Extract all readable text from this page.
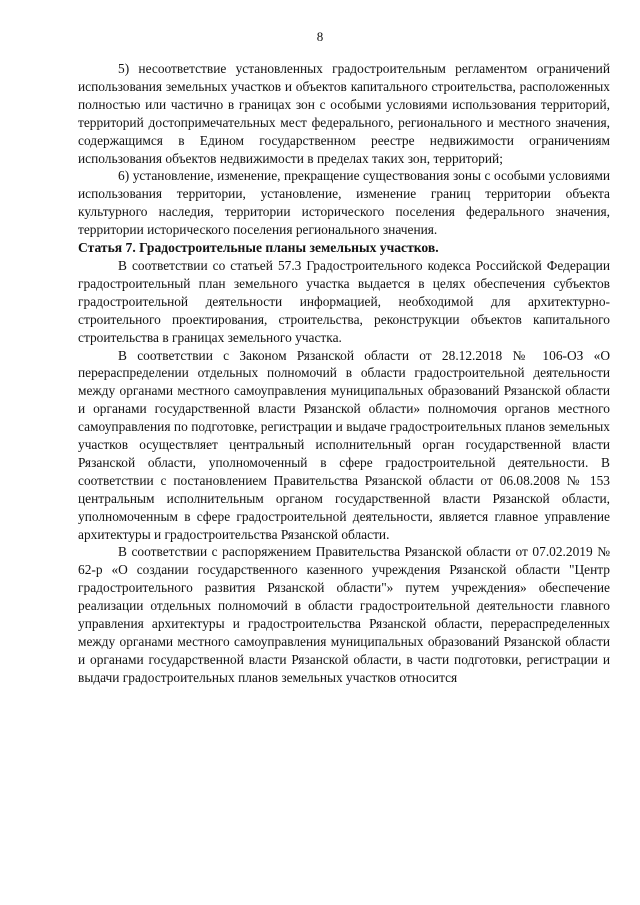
8

5) несоответствие установленных градостроительным регламентом ограничений использования земельных участков и объектов капитального строительства, расположенных полностью или частично в границах зон с особыми условиями использования территорий, территорий достопримечательных мест федерального, регионального и местного значения, содержащимся в Едином государственном реестре недвижимости ограничениям использования объектов недвижимости в пределах таких зон, территорий;

6) установление, изменение, прекращение существования зоны с особыми условиями использования территории, установление, изменение границ территории объекта культурного наследия, территории исторического поселения федерального значения, территории исторического поселения регионального значения.

Статья 7. Градостроительные планы земельных участков.

В соответствии со статьей 57.3 Градостроительного кодекса Российской Федерации градостроительный план земельного участка выдается в целях обеспечения субъектов градостроительной деятельности информацией, необходимой для архитектурно-строительного проектирования, строительства, реконструкции объектов капитального строительства в границах земельного участка.

В соответствии с Законом Рязанской области от 28.12.2018 № 106-ОЗ «О перераспределении отдельных полномочий в области градостроительной деятельности между органами местного самоуправления муниципальных образований Рязанской области и органами государственной власти Рязанской области» полномочия органов местного самоуправления по подготовке, регистрации и выдаче градостроительных планов земельных участков осуществляет центральный исполнительный орган государственной власти Рязанской области, уполномоченный в сфере градостроительной деятельности. В соответствии с постановлением Правительства Рязанской области от 06.08.2008 № 153 центральным исполнительным органом государственной власти Рязанской области, уполномоченным в сфере градостроительной деятельности, является главное управление архитектуры и градостроительства Рязанской области.

В соответствии с распоряжением Правительства Рязанской области от 07.02.2019 № 62-р «О создании государственного казенного учреждения Рязанской области "Центр градостроительного развития Рязанской области"» путем учреждения» обеспечение реализации отдельных полномочий в области градостроительной деятельности главного управления архитектуры и градостроительства Рязанской области, перераспределенных между органами местного самоуправления муниципальных образований Рязанской области и органами государственной власти Рязанской области, в части подготовки, регистрации и выдачи градостроительных планов земельных участков относится
